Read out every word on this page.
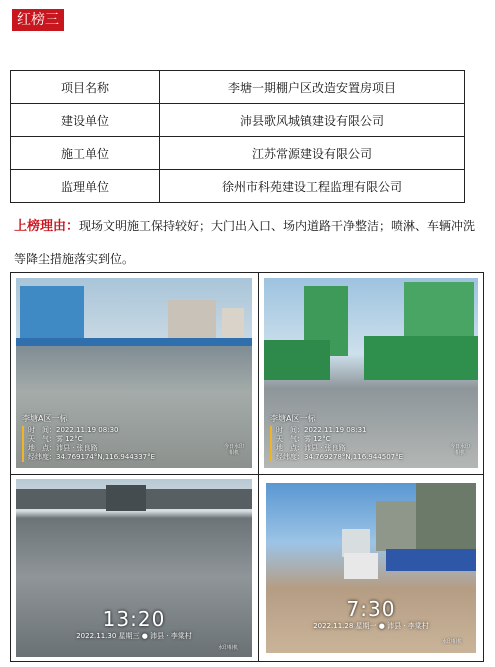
红榜三
项目名称	李塘一期棚户区改造安置房项目
建设单位	沛县歌风城镇建设有限公司
施工单位	江苏常源建设有限公司
监理单位	徐州市科苑建设工程监理有限公司
上榜理由：现场文明施工保持较好；大门出入口、场内道路干净整洁；喷淋、车辆冲洗等降尘措施落实到位。
李塘A区一标
时　间：2022.11.19 08:30
天　气：雾 12°C
地　点：沛县 · 张良路
经纬度：34.769174°N,116.944337°E
今日水印 相机
李塘A区一标
时　间：2022.11.19 08:31
天　气：雾 12°C
地　点：沛县 · 张良路
经纬度：34.769278°N,116.944507°E
今日水印 相机
13:20
2022.11.30 星期三 ● 沛县 · 李棠村
水印相机
7:30
2022.11.28 星期一 ● 沛县 · 李棠村
水印相机
